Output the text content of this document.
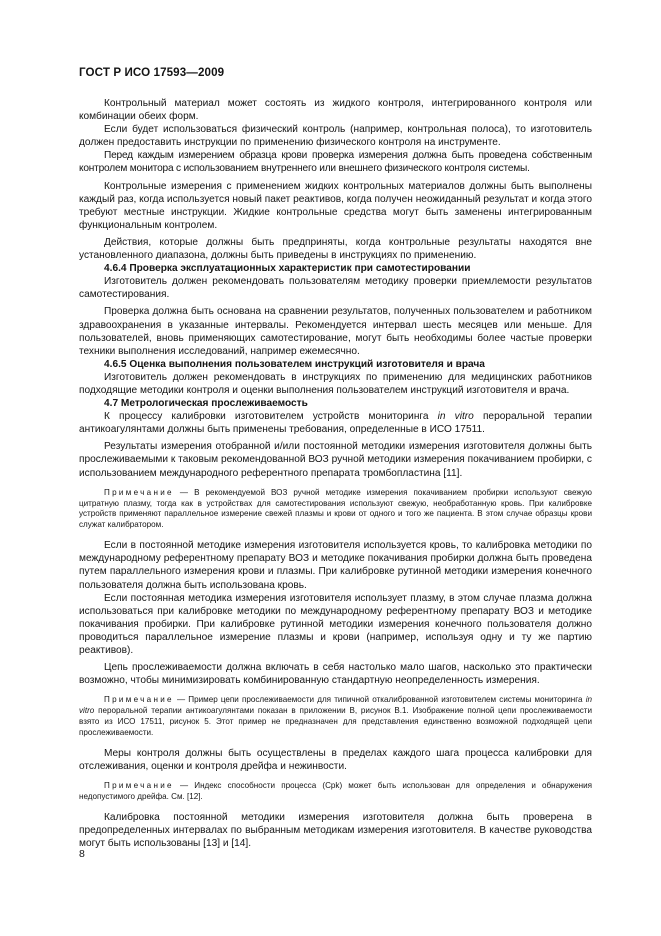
ГОСТ Р ИСО 17593—2009

Контрольный материал может состоять из жидкого контроля, интегрированного контроля или комбинации обеих форм.

Если будет использоваться физический контроль (например, контрольная полоса), то изготовитель должен предоставить инструкции по применению физического контроля на инструменте.

Перед каждым измерением образца крови проверка измерения должна быть проведена собственным контролем монитора с использованием внутреннего или внешнего физического контроля системы.

Контрольные измерения с применением жидких контрольных материалов должны быть выполнены каждый раз, когда используется новый пакет реактивов, когда получен неожиданный результат и когда этого требуют местные инструкции. Жидкие контрольные средства могут быть заменены интегрированным функциональным контролем.

Действия, которые должны быть предприняты, когда контрольные результаты находятся вне установленного диапазона, должны быть приведены в инструкциях по применению.

4.6.4 Проверка эксплуатационных характеристик при самотестировании

Изготовитель должен рекомендовать пользователям методику проверки приемлемости результатов самотестирования.

Проверка должна быть основана на сравнении результатов, полученных пользователем и работником здравоохранения в указанные интервалы. Рекомендуется интервал шесть месяцев или меньше. Для пользователей, вновь применяющих самотестирование, могут быть необходимы более частые проверки техники выполнения исследований, например ежемесячно.

4.6.5 Оценка выполнения пользователем инструкций изготовителя и врача

Изготовитель должен рекомендовать в инструкциях по применению для медицинских работников подходящие методики контроля и оценки выполнения пользователем инструкций изготовителя и врача.

4.7 Метрологическая прослеживаемость

К процессу калибровки изготовителем устройств мониторинга in vitro пероральной терапии антикоагулянтами должны быть применены требования, определенные в ИСО 17511.

Результаты измерения отобранной и/или постоянной методики измерения изготовителя должны быть прослеживаемыми к таковым рекомендованной ВОЗ ручной методики измерения покачиванием пробирки, с использованием международного референтного препарата тромбопластина [11].

Примечание — В рекомендуемой ВОЗ ручной методике измерения покачиванием пробирки используют свежую цитратную плазму, тогда как в устройствах для самотестирования используют свежую, необработанную кровь. При калибровке устройств применяют параллельное измерение свежей плазмы и крови от одного и того же пациента. В этом случае образцы крови служат калибратором.

Если в постоянной методике измерения изготовителя используется кровь, то калибровка методики по международному референтному препарату ВОЗ и методике покачивания пробирки должна быть проведена путем параллельного измерения крови и плазмы. При калибровке рутинной методики измерения конечного пользователя должна быть использована кровь.

Если постоянная методика измерения изготовителя использует плазму, в этом случае плазма должна использоваться при калибровке методики по международному референтному препарату ВОЗ и методике покачивания пробирки. При калибровке рутинной методики измерения конечного пользователя должно проводиться параллельное измерение плазмы и крови (например, используя одну и ту же партию реактивов).

Цепь прослеживаемости должна включать в себя настолько мало шагов, насколько это практически возможно, чтобы минимизировать комбинированную стандартную неопределенность измерения.

Примечание — Пример цепи прослеживаемости для типичной откалиброванной изготовителем системы мониторинга in vitro пероральной терапии антикоагулянтами показан в приложении В, рисунок В.1. Изображение полной цепи прослеживаемости взято из ИСО 17511, рисунок 5. Этот пример не предназначен для представления единственно возможной подходящей цепи прослеживаемости.

Меры контроля должны быть осуществлены в пределах каждого шага процесса калибровки для отслеживания, оценки и контроля дрейфа и нежинвости.

Примечание — Индекс способности процесса (Cpk) может быть использован для определения и обнаружения недопустимого дрейфа. См. [12].

Калибровка постоянной методики измерения изготовителя должна быть проверена в предопределенных интервалах по выбранным методикам измерения изготовителя. В качестве руководства могут быть использованы [13] и [14].

8
